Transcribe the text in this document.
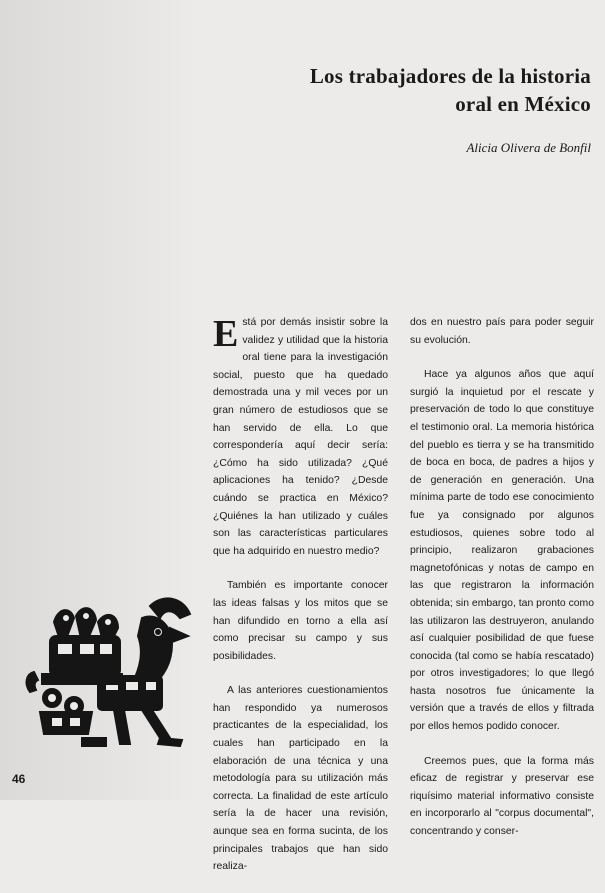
Los trabajadores de la historia oral en México
Alicia Olivera de Bonfil

Está por demás insistir sobre la validez y utilidad que la historia oral tiene para la investigación social, puesto que ha quedado demostrada una y mil veces por un gran número de estudiosos que se han servido de ella. Lo que correspondería aquí decir sería: ¿Cómo ha sido utilizada? ¿Qué aplicaciones ha tenido? ¿Desde cuándo se practica en México? ¿Quiénes la han utilizado y cuáles son las características particulares que ha adquirido en nuestro medio?

También es importante conocer las ideas falsas y los mitos que se han difundido en torno a ella así como precisar su campo y sus posibilidades.

A las anteriores cuestionamientos han respondido ya numerosos practicantes de la especialidad, los cuales han participado en la elaboración de una técnica y una metodología para su utilización más correcta. La finalidad de este artículo sería la de hacer una revisión, aunque sea en forma sucinta, de los principales trabajos que han sido realiza-

dos en nuestro país para poder seguir su evolución.

Hace ya algunos años que aquí surgió la inquietud por el rescate y preservación de todo lo que constituye el testimonio oral. La memoria histórica del pueblo es tierra y se ha transmitido de boca en boca, de padres a hijos y de generación en generación. Una mínima parte de todo ese conocimiento fue ya consignado por algunos estudiosos, quienes sobre todo al principio, realizaron grabaciones magnetofónicas y notas de campo en las que registraron la información obtenida; sin embargo, tan pronto como las utilizaron las destruyeron, anulando así cualquier posibilidad de que fuese conocida (tal como se había rescatado) por otros investigadores; lo que llegó hasta nosotros fue únicamente la versión que a través de ellos y filtrada por ellos hemos podido conocer.

Creemos pues, que la forma más eficaz de registrar y preservar ese riquísimo material informativo consiste en incorporarlo al "corpus documental", concentrando y conser-

46
